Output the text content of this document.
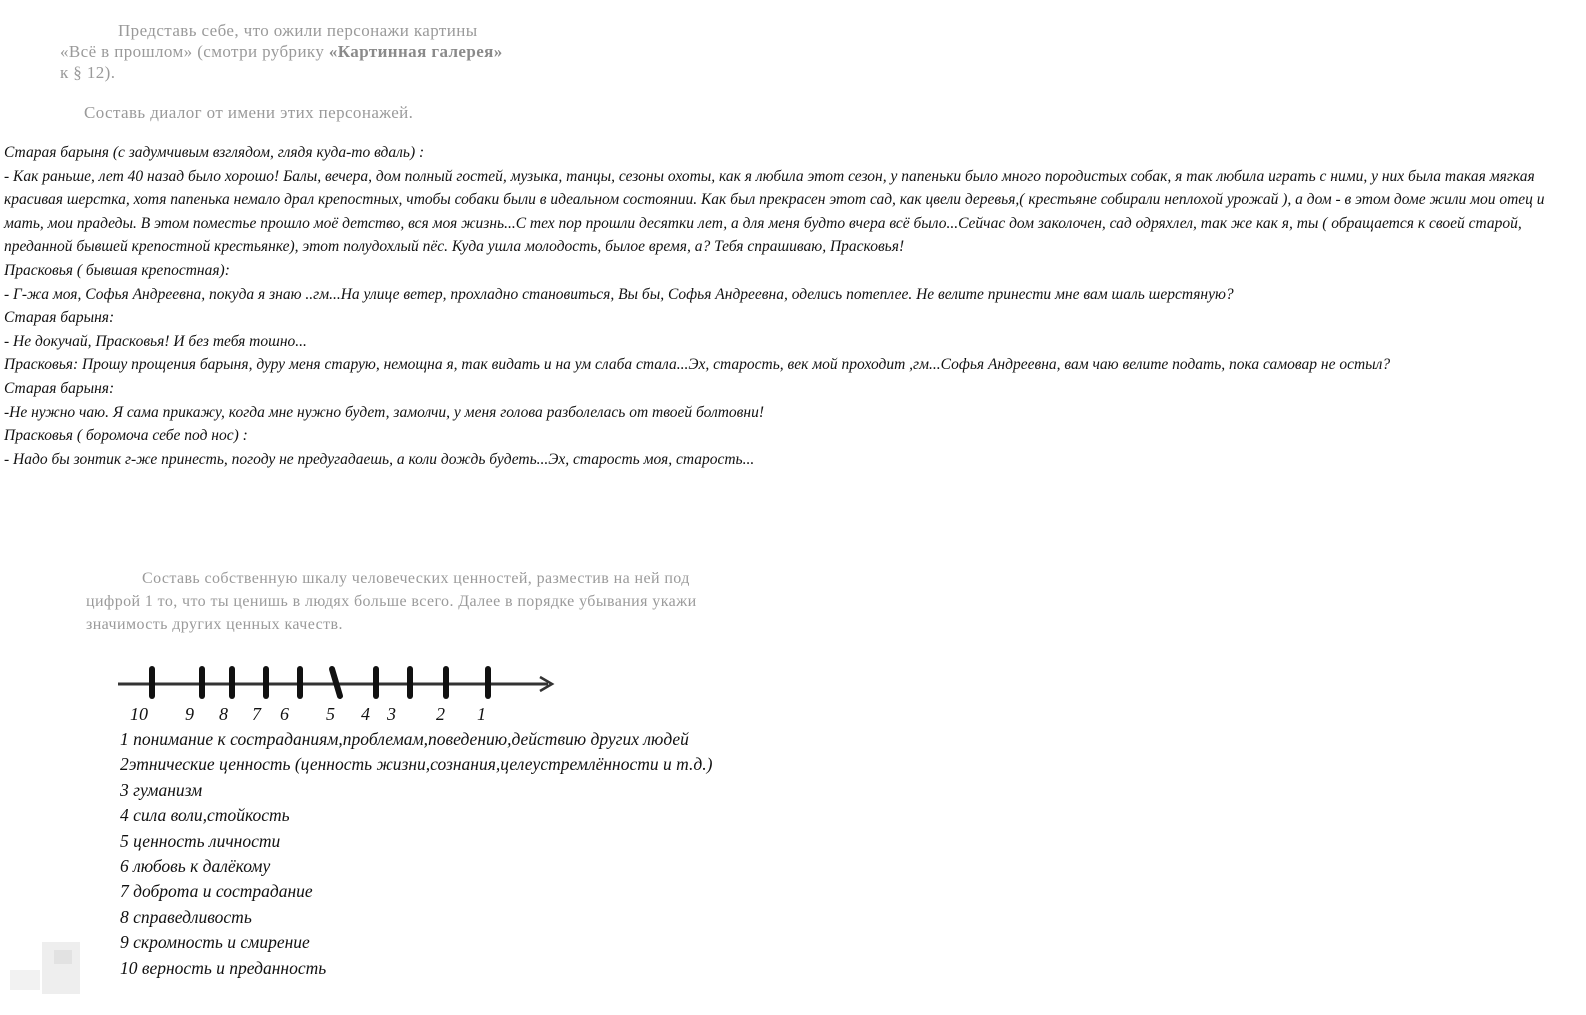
Представь себе, что ожили персонажи картины

«Всё в прошлом» (смотри рубрику «Картинная галерея»

к § 12).

Составь диалог от имени этих персонажей.

Старая барыня (с задумчивым взглядом, глядя куда-то вдаль) :

- Как раньше, лет 40 назад было хорошо! Балы, вечера, дом полный гостей, музыка, танцы, сезоны охоты, как я любила этот сезон, у папеньки было много породистых собак, я так любила играть с ними, у них была такая мягкая красивая шерстка, хотя папенька немало драл крепостных, чтобы собаки были в идеальном состоянии. Как был прекрасен этот сад, как цвели деревья,( крестьяне собирали неплохой урожай ), а дом - в этом доме жили мои отец и мать, мои прадеды. В этом поместье прошло моё детство, вся моя жизнь...С тех пор прошли десятки лет, а для меня будто вчера всё было...Сейчас дом заколочен, сад одряхлел, так же как я, ты ( обращается к своей старой, преданной бывшей крепостной крестьянке), этот полудохлый пёс. Куда ушла молодость, былое время, а? Тебя спрашиваю, Прасковья!

Прасковья ( бывшая крепостная):

- Г-жа моя, Софья Андреевна, покуда я знаю ..гм...На улице ветер, прохладно становиться, Вы бы, Софья Андреевна, оделись потеплее. Не велите принести мне вам шаль шерстяную?

Старая барыня:

- Не докучай, Прасковья! И без тебя тошно...

Прасковья: Прошу прощения барыня, дуру меня старую, немощна я, так видать и на ум слаба стала...Эх, старость, век мой проходит ,гм...Софья Андреевна, вам чаю велите подать, пока самовар не остыл?

Старая барыня:

-Не нужно чаю. Я сама прикажу, когда мне нужно будет, замолчи, у меня голова разболелась от твоей болтовни!

Прасковья ( боромоча себе под нос) :

- Надо бы зонтик г-же принесть, погоду не предугадаешь, а коли дождь будеть...Эх, старость моя, старость...

Составь собственную шкалу человеческих ценностей, разместив на ней под цифрой 1 то, что ты ценишь в людях больше всего. Далее в порядке убывания укажи значимость других ценных качеств.
10 9 8 7 6 5 4 3 2 1
1 понимание к состраданиям,проблемам,поведению,действию других людей
2этнические ценность (ценность жизни,сознания,целеустремлённости и т.д.)
3 гуманизм
4 сила воли,стойкость
5 ценность личности
6 любовь к далёкому
7 доброта и сострадание
8 справедливость
9 скромность и смирение
10 верность и преданность
